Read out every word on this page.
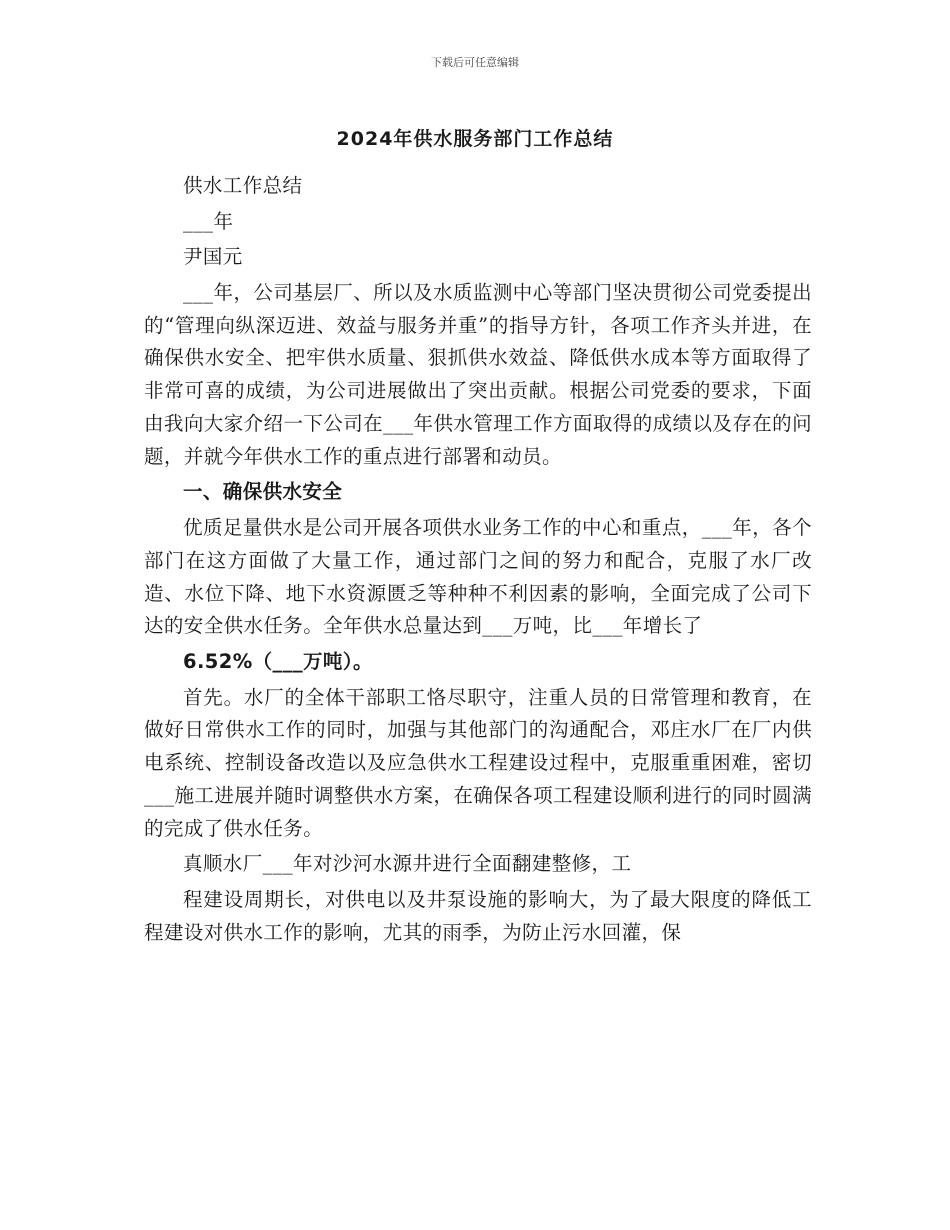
下载后可任意编辑
2024年供水服务部门工作总结

供水工作总结

___年

尹国元

___年，公司基层厂、所以及水质监测中心等部门坚决贯彻公司党委提出的“管理向纵深迈进、效益与服务并重”的指导方针，各项工作齐头并进，在确保供水安全、把牢供水质量、狠抓供水效益、降低供水成本等方面取得了非常可喜的成绩，为公司进展做出了突出贡献。根据公司党委的要求，下面由我向大家介绍一下公司在___年供水管理工作方面取得的成绩以及存在的问题，并就今年供水工作的重点进行部署和动员。

一、确保供水安全

优质足量供水是公司开展各项供水业务工作的中心和重点，___年，各个部门在这方面做了大量工作，通过部门之间的努力和配合，克服了水厂改造、水位下降、地下水资源匮乏等种种不利因素的影响，全面完成了公司下达的安全供水任务。全年供水总量达到___万吨，比___年增长了

6.52%（___万吨）。

首先。水厂的全体干部职工恪尽职守，注重人员的日常管理和教育，在做好日常供水工作的同时，加强与其他部门的沟通配合，邓庄水厂在厂内供电系统、控制设备改造以及应急供水工程建设过程中，克服重重困难，密切___施工进展并随时调整供水方案，在确保各项工程建设顺利进行的同时圆满的完成了供水任务。

真顺水厂___年对沙河水源井进行全面翻建整修，工

程建设周期长，对供电以及井泵设施的影响大，为了最大限度的降低工程建设对供水工作的影响，尤其的雨季，为防止污水回灌，保
